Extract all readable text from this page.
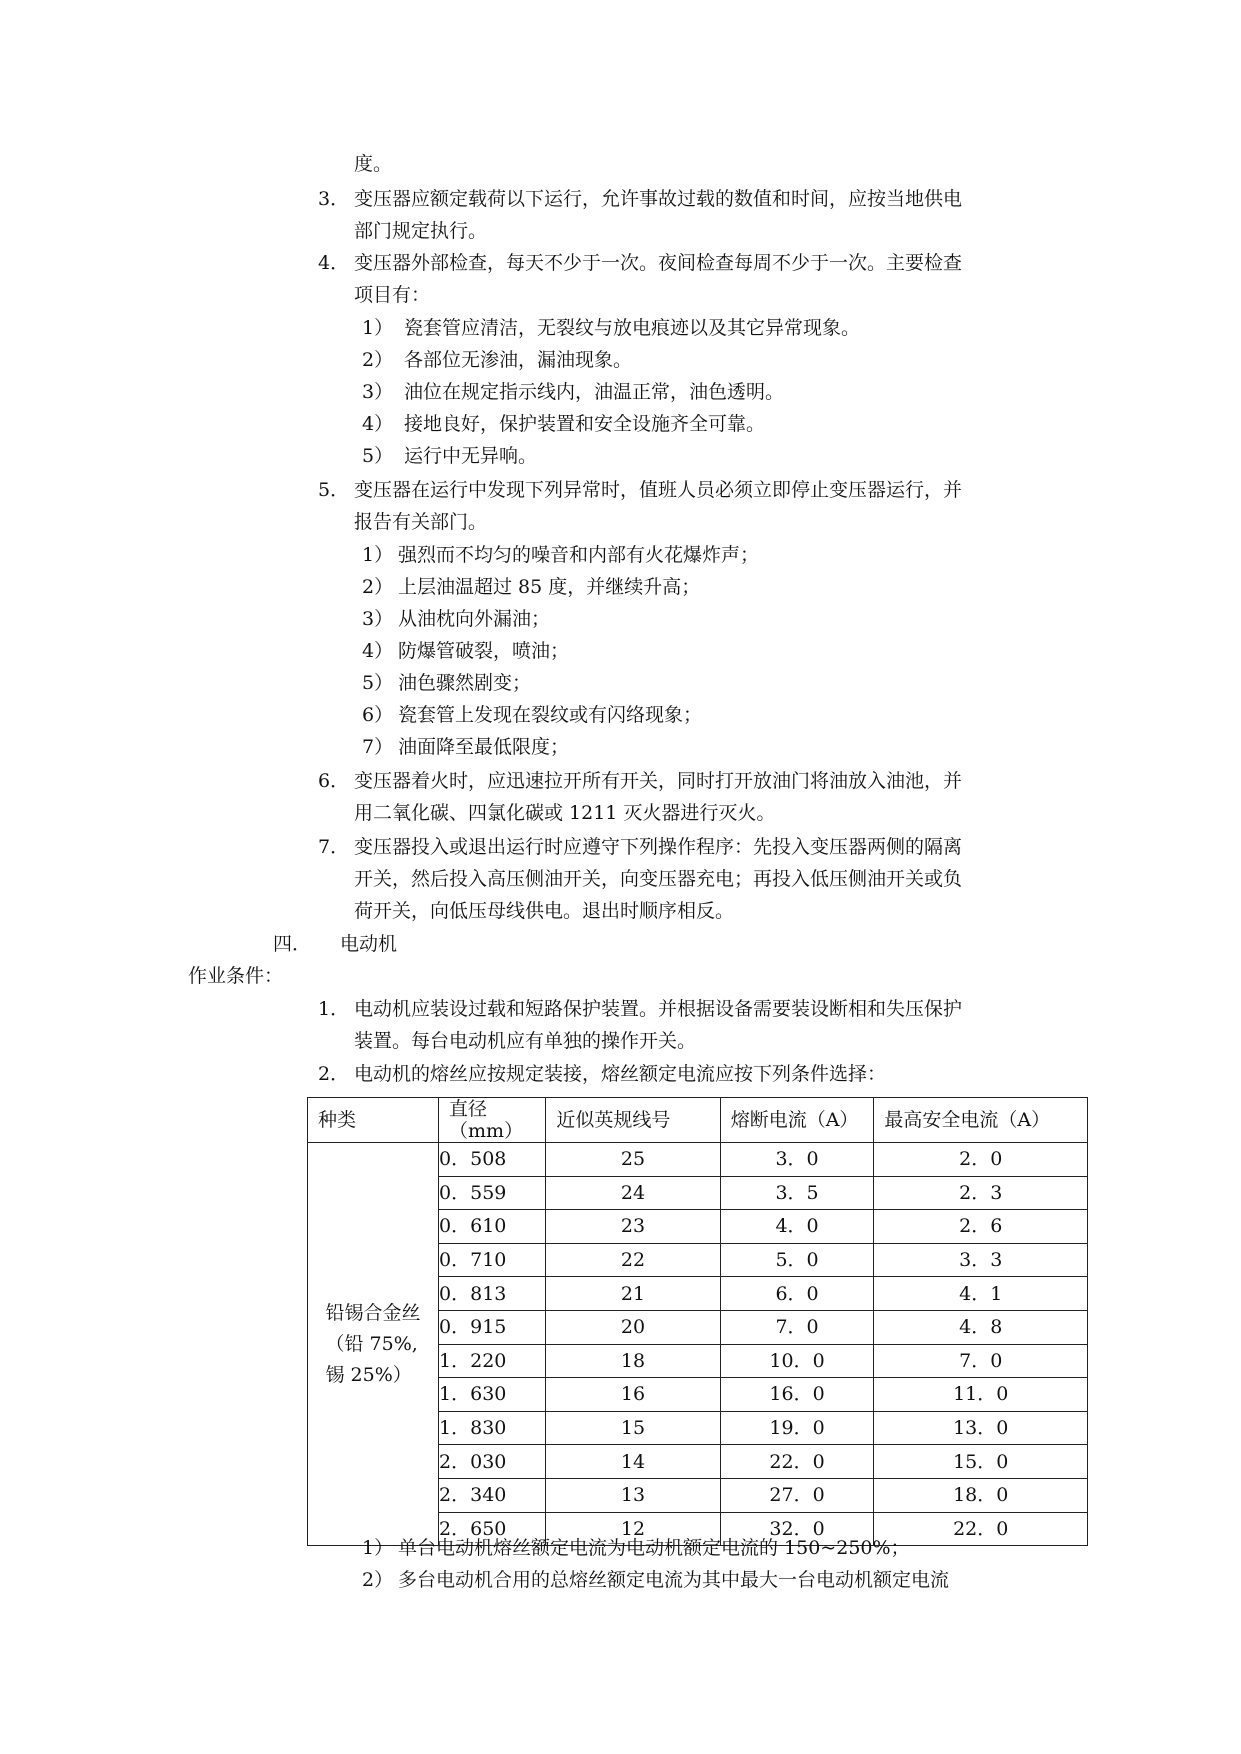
度。
3． 变压器应额定载荷以下运行，允许事故过载的数值和时间，应按当地供电
部门规定执行。
4． 变压器外部检查，每天不少于一次。夜间检查每周不少于一次。主要检查
项目有：
1） 瓷套管应清洁，无裂纹与放电痕迹以及其它异常现象。
2） 各部位无渗油，漏油现象。
3） 油位在规定指示线内，油温正常，油色透明。
4） 接地良好，保护装置和安全设施齐全可靠。
5） 运行中无异响。
5． 变压器在运行中发现下列异常时，值班人员必须立即停止变压器运行，并
报告有关部门。
1） 强烈而不均匀的噪音和内部有火花爆炸声；
2） 上层油温超过 85 度，并继续升高；
3） 从油枕向外漏油；
4） 防爆管破裂，喷油；
5） 油色骤然剧变；
6） 瓷套管上发现在裂纹或有闪络现象；
7） 油面降至最低限度；
6． 变压器着火时，应迅速拉开所有开关，同时打开放油门将油放入油池，并
用二氧化碳、四氯化碳或 1211 灭火器进行灭火。
7． 变压器投入或退出运行时应遵守下列操作程序：先投入变压器两侧的隔离
开关，然后投入高压侧油开关，向变压器充电；再投入低压侧油开关或负
荷开关，向低压母线供电。退出时顺序相反。
四． 电动机
作业条件：
1． 电动机应装设过载和短路保护装置。并根据设备需要装设断相和失压保护
装置。每台电动机应有单独的操作开关。
2． 电动机的熔丝应按规定装接，熔丝额定电流应按下列条件选择：
种类	直径（mm）	近似英规线号	熔断电流（A）	最高安全电流（A）

铅锡合金丝
（铅 75%,
锡 25%）	0．508	25	3．0	2．0
	0．559	24	3．5	2．3
	0．610	23	4．0	2．6
	0．710	22	5．0	3．3
	0．813	21	6．0	4．1
	0．915	20	7．0	4．8
	1．220	18	10．0	7．0
	1．630	16	16．0	11．0
	1．830	15	19．0	13．0
	2．030	14	22．0	15．0
	2．340	13	27．0	18．0
	2．650	12	32．0	22．0
1） 单台电动机熔丝额定电流为电动机额定电流的 150~250%；
2） 多台电动机合用的总熔丝额定电流为其中最大一台电动机额定电流
